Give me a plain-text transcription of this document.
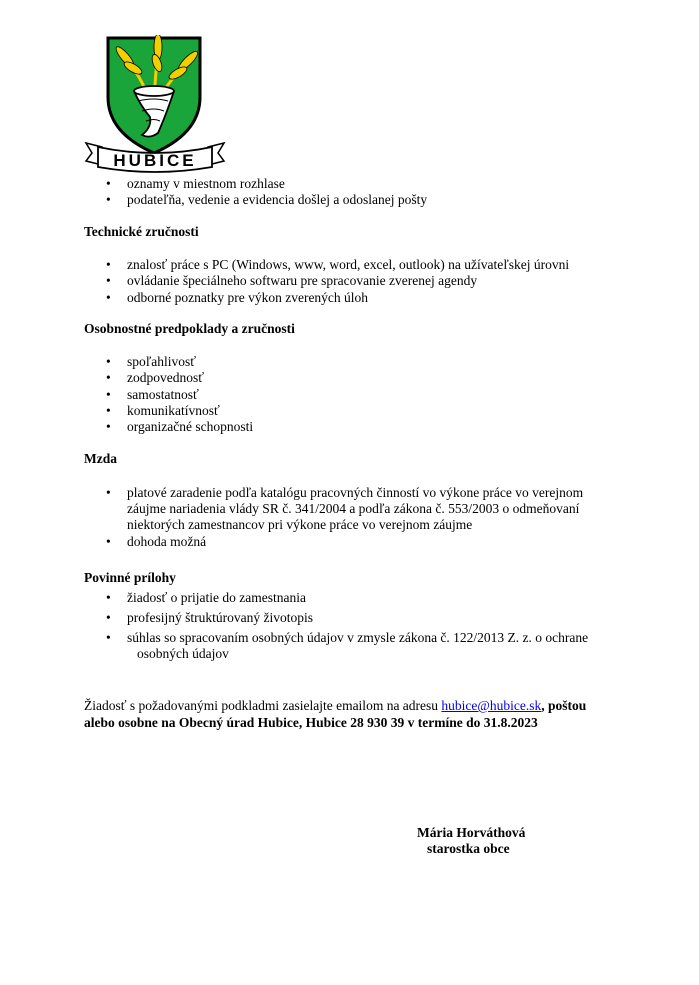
HUBICE
• oznamy v miestnom rozhlase
• podateľňa, vedenie a evidencia došlej a odoslanej pošty
Technické zručnosti
• znalosť práce s PC (Windows, www, word, excel, outlook) na užívateľskej úrovni
• ovládanie špeciálneho softwaru pre spracovanie zverenej agendy
• odborné poznatky pre výkon zverených úloh
Osobnostné predpoklady a zručnosti
• spoľahlivosť
• zodpovednosť
• samostatnosť
• komunikatívnosť
• organizačné schopnosti
Mzda
• platové zaradenie podľa katalógu pracovných činností vo výkone práce vo verejnom
záujme nariadenia vlády SR č. 341/2004 a podľa zákona č. 553/2003 o odmeňovaní
niektorých zamestnancov pri výkone práce vo verejnom záujme
• dohoda možná
Povinné prílohy
• žiadosť o prijatie do zamestnania
• profesijný štruktúrovaný životopis
• súhlas so spracovaním osobných údajov v zmysle zákona č. 122/2013 Z. z. o ochrane
osobných údajov
Žiadosť s požadovanými podkladmi zasielajte emailom na adresu hubice@hubice.sk, poštou
alebo osobne na Obecný úrad Hubice, Hubice 28 930 39 v termíne do 31.8.2023
Mária Horváthová
starostka obce
